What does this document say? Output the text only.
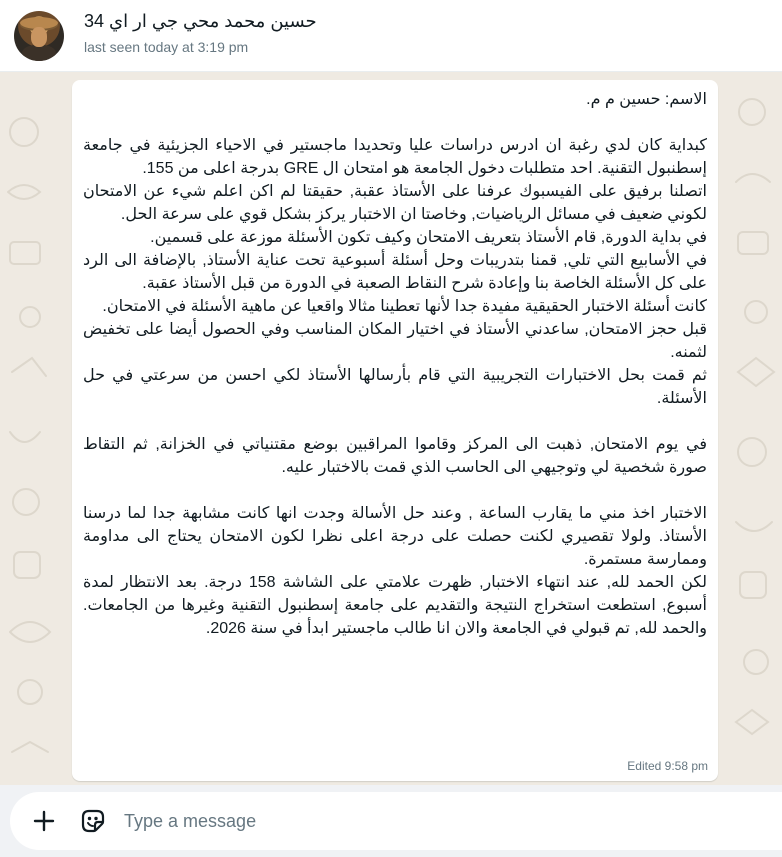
حسين محمد محي جي ار اي 34
last seen today at 3:19 pm

الاسم: حسين م م.

كبداية كان لدي رغبة ان ادرس دراسات عليا وتحديدا ماجستير في الاحياء الجزيئية في جامعة إسطنبول التقنية. احد متطلبات دخول الجامعة هو امتحان ال GRE بدرجة اعلى من 155.

اتصلنا برفيق على الفيسبوك عرفنا على الأستاذ عقبة, حقيقتا لم اكن اعلم شيء عن الامتحان لكوني ضعيف في مسائل الرياضيات, وخاصتا ان الاختبار يركز بشكل قوي على سرعة الحل.

في بداية الدورة, قام الأستاذ بتعريف الامتحان وكيف تكون الأسئلة موزعة على قسمين.

في الأسابيع التي تلي, قمنا بتدريبات وحل أسئلة أسبوعية تحت عناية الأستاذ, بالإضافة الى الرد على كل الأسئلة الخاصة بنا وإعادة شرح النقاط الصعبة في الدورة من قبل الأستاذ عقبة.

كانت أسئلة الاختبار الحقيقية مفيدة جدا لأنها تعطينا مثالا واقعيا عن ماهية الأسئلة في الامتحان.

قبل حجز الامتحان, ساعدني الأستاذ في اختيار المكان المناسب وفي الحصول أيضا على تخفيض لثمنه.

ثم قمت بحل الاختبارات التجريبية التي قام بأرسالها الأستاذ لكي احسن من سرعتي في حل الأسئلة.

في يوم الامتحان, ذهبت الى المركز وقاموا المراقبين بوضع مقتنياتي في الخزانة, ثم التقاط صورة شخصية لي وتوجيهي الى الحاسب الذي قمت بالاختبار عليه.

الاختبار اخذ مني ما يقارب الساعة , وعند حل الأسالة وجدت انها كانت مشابهة جدا لما درسنا الأستاذ. ولولا تقصيري لكنت حصلت على درجة اعلى نظرا لكون الامتحان يحتاج الى مداومة وممارسة مستمرة.

لكن الحمد لله, عند انتهاء الاختبار, ظهرت علامتي على الشاشة 158 درجة. بعد الانتظار لمدة أسبوع, استطعت استخراج النتيجة والتقديم على جامعة إسطنبول التقنية وغيرها من الجامعات. والحمد لله, تم قبولي في الجامعة والان انا طالب ماجستير ابدأ في سنة 2026.

Edited 9:58 pm
Type a message
